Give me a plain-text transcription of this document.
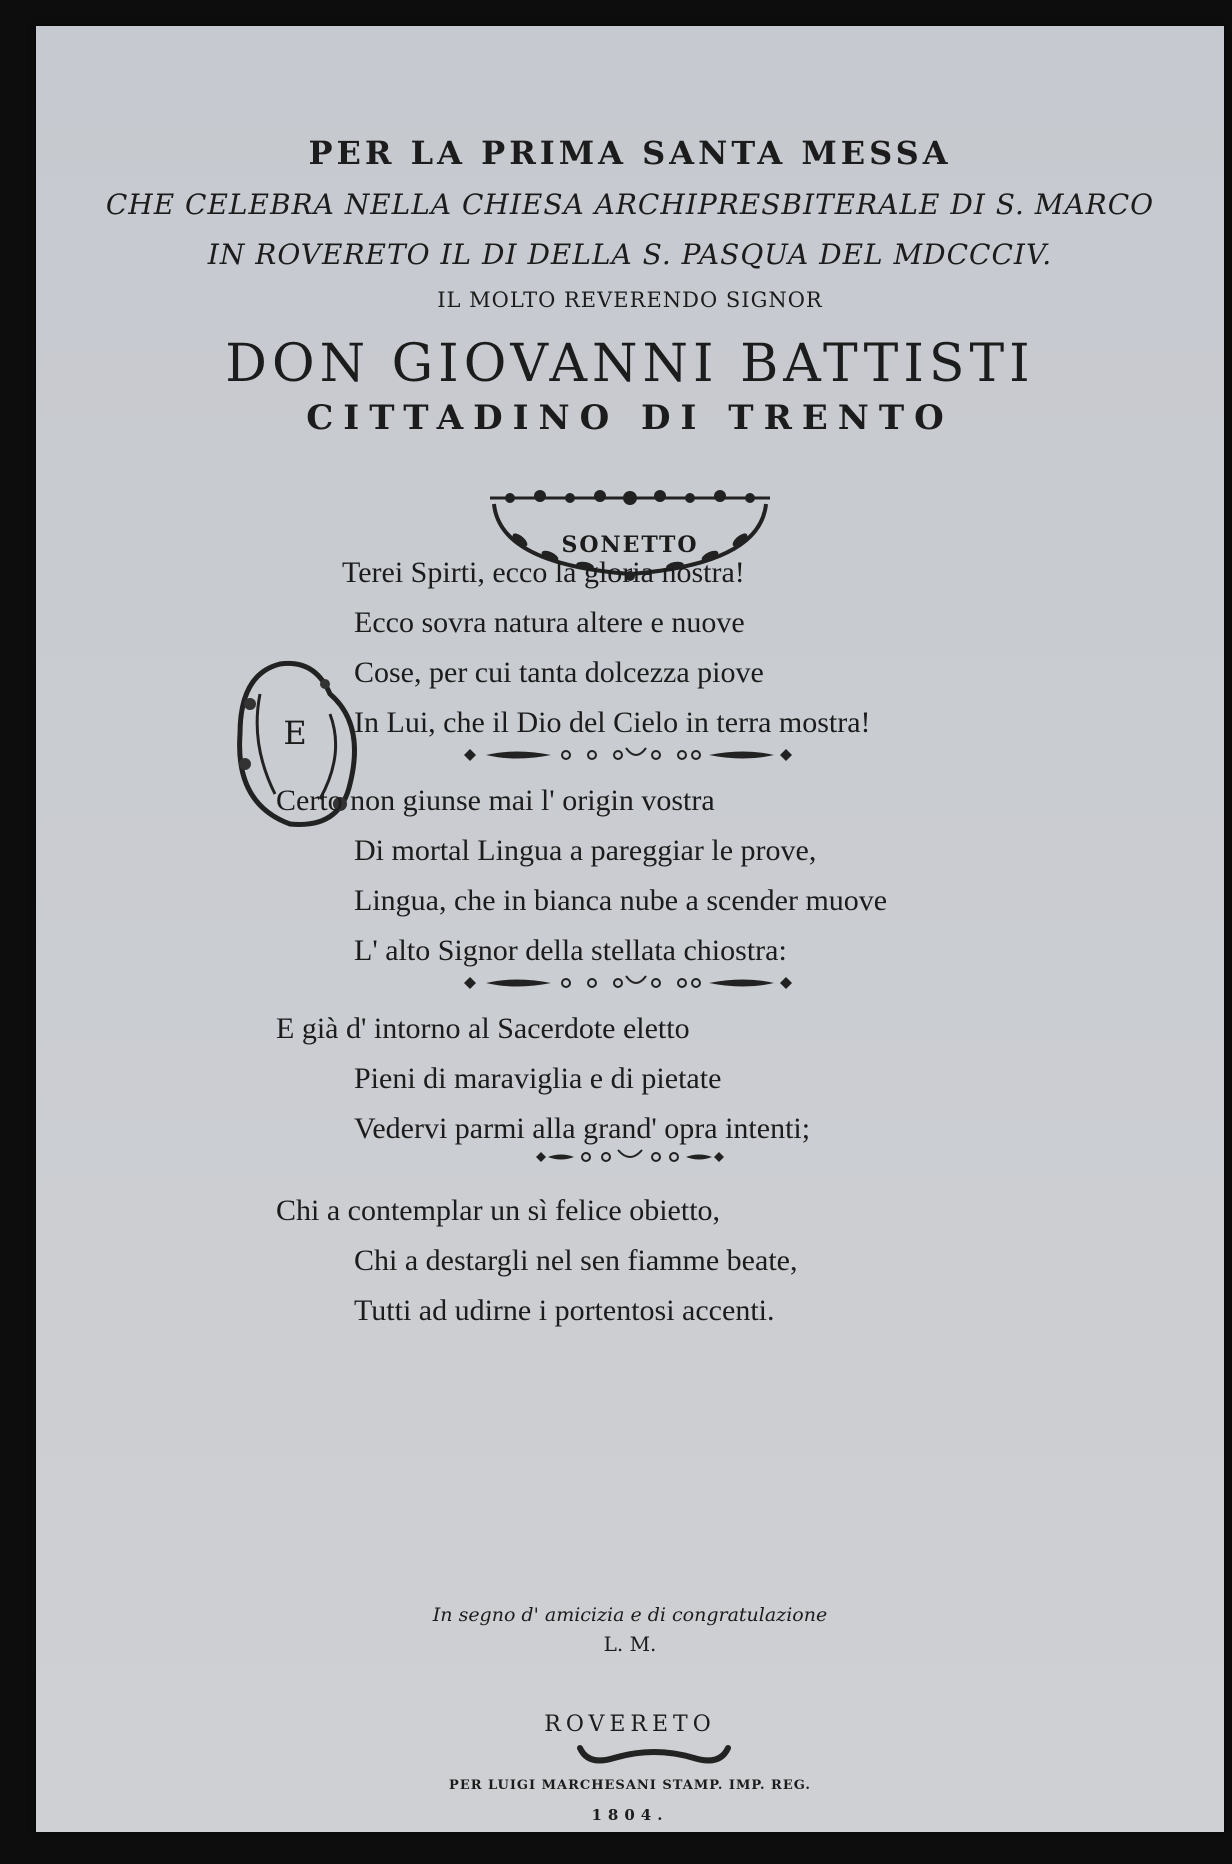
PER LA PRIMA SANTA MESSA
CHE CELEBRA NELLA CHIESA ARCHIPRESBITERALE DI S. MARCO
IN ROVERETO IL DI DELLA S. PASQUA DEL MDCCCIV.
IL MOLTO REVERENDO SIGNOR
DON GIOVANNI BATTISTI
CITTADINO DI TRENTO
SONETTO
E
Terei Spirti, ecco la gloria nostra!
Ecco sovra natura altere e nuove
Cose, per cui tanta dolcezza piove
In Lui, che il Dio del Cielo in terra mostra!
Certo non giunse mai l' origin vostra
Di mortal Lingua a pareggiar le prove,
Lingua, che in bianca nube a scender muove
L' alto Signor della stellata chiostra:
E già d' intorno al Sacerdote eletto
Pieni di maraviglia e di pietate
Vedervi parmi alla grand' opra intenti;
Chi a contemplar un sì felice obietto,
Chi a destargli nel sen fiamme beate,
Tutti ad udirne i portentosi accenti.
In segno d' amicizia e di congratulazione
L. M.
ROVERETO
PER LUIGI MARCHESANI STAMP. IMP. REG.
1804.
